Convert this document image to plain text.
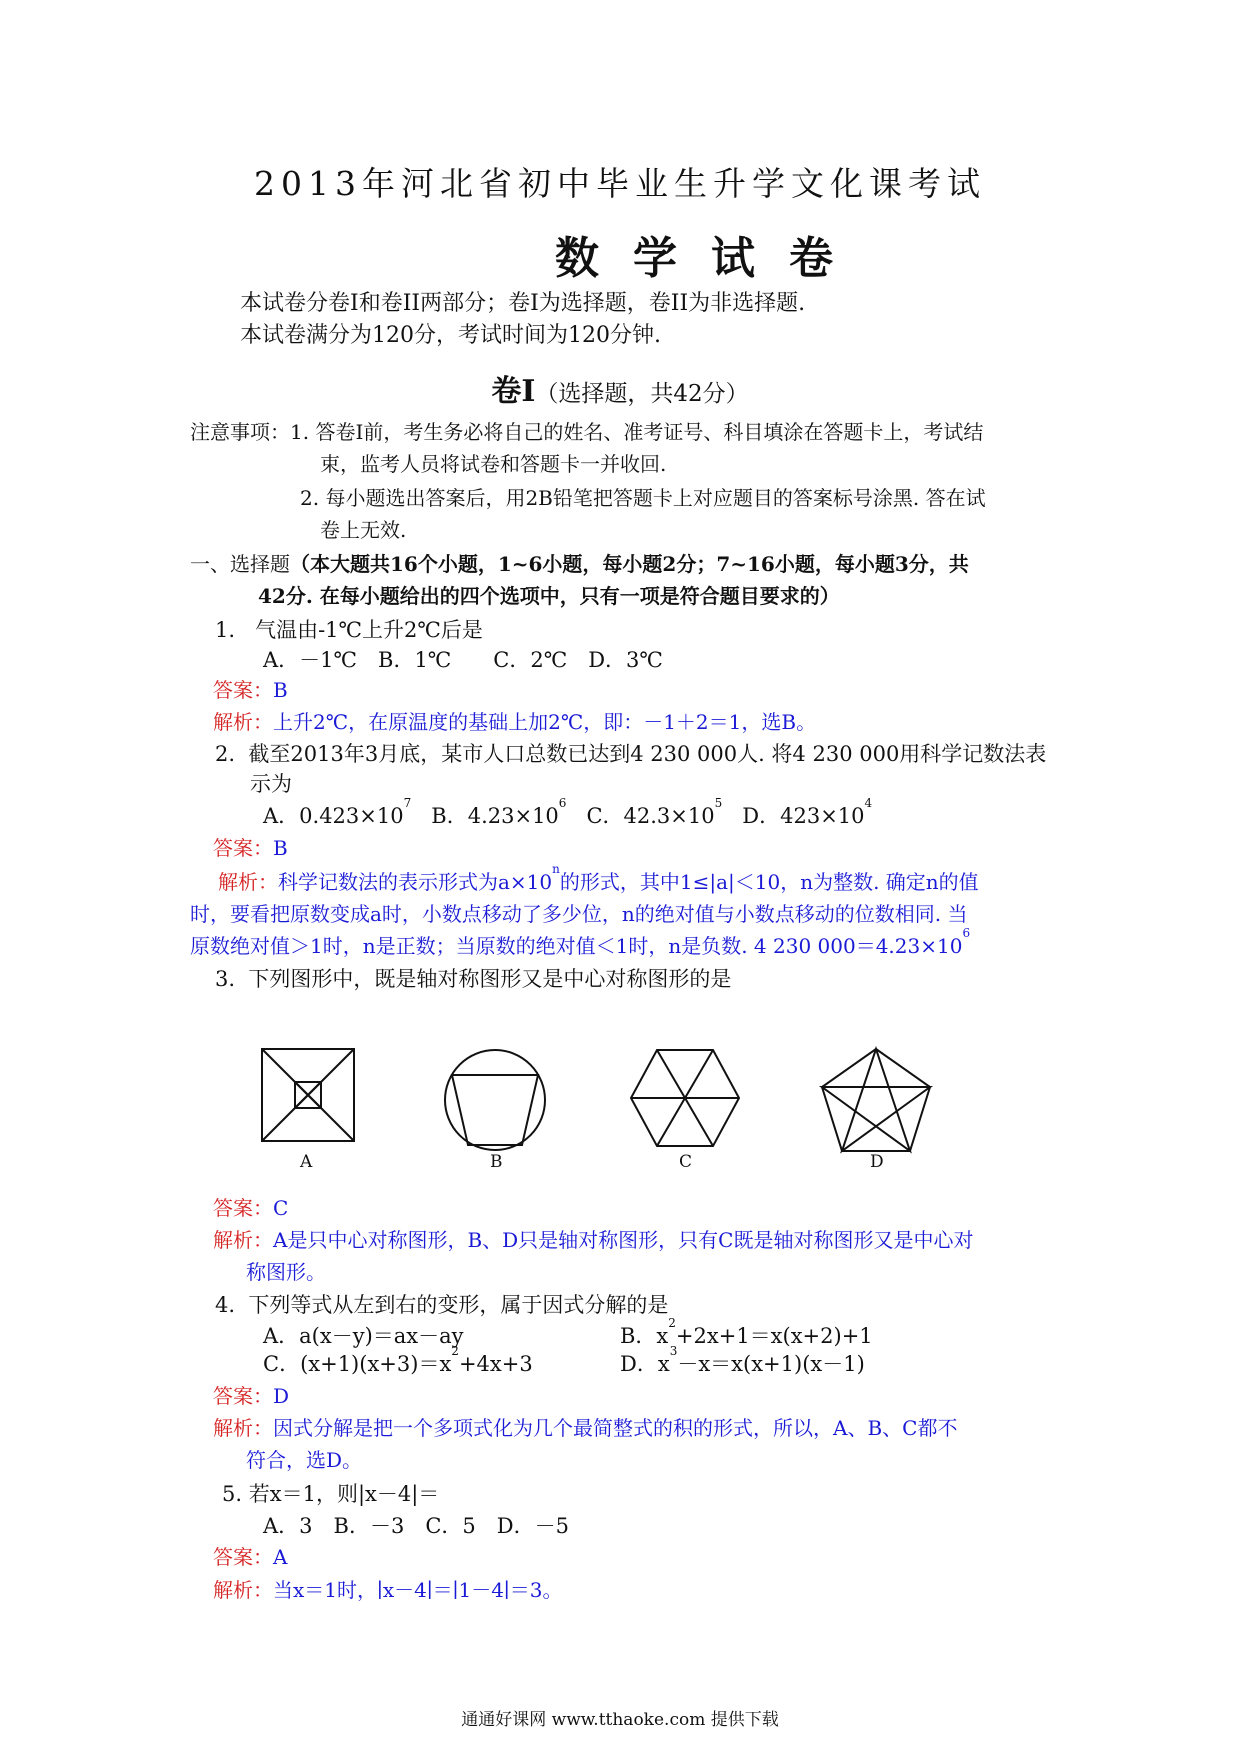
2013年河北省初中毕业生升学文化课考试
数学试卷
本试卷分卷I和卷II两部分；卷I为选择题，卷II为非选择题.
本试卷满分为120分，考试时间为120分钟.
卷I（选择题，共42分）
注意事项： 1. 答卷I前，考生务必将自己的姓名、准考证号、科目填涂在答题卡上，考试结
束，监考人员将试卷和答题卡一并收回.
2. 每小题选出答案后，用2B铅笔把答题卡上对应题目的答案标号涂黑. 答在试
卷上无效.
一、选择题（本大题共16个小题，1~6小题，每小题2分；7~16小题，每小题3分，共
42分. 在每小题给出的四个选项中，只有一项是符合题目要求的）
1. 气温由-1℃上升2℃后是
A．－1℃　B．1℃　　C．2℃　D．3℃
答案：B
解析：上升2℃，在原温度的基础上加2℃，即：－1＋2＝1，选B。
2. 截至2013年3月底，某市人口总数已达到4 230 000人. 将4 230 000用科学记数法表
示为
A．$0.423\times 10^7$   B．$4.23\times 10^6$   C．$42.3\times 10^5$   D．$423\times 10^4$
答案：B
解析：科学记数法的表示形式为$a\times 10^n$的形式，其中1≤|a|＜10，n为整数. 确定n的值
时，要看把原数变成a时，小数点移动了多少位，n的绝对值与小数点移动的位数相同. 当
原数绝对值＞1时，n是正数；当原数的绝对值＜1时，n是负数. 4 230 $000=4.23\times 10^6$
3. 下列图形中，既是轴对称图形又是中心对称图形的是
A	B	C	D
答案：C
解析：A是只中心对称图形，B、D只是轴对称图形，只有C既是轴对称图形又是中心对
称图形。
4. 下列等式从左到右的变形，属于因式分解的是
A．a(x－y)＝ax－ay	B．$x^2+2x+1=x(x+2)+1$
C．$(x+1)(x+3)=x^2+4x+3$	D．$x^3-x=x(x+1)(x-1)$
答案：D
解析：因式分解是把一个多项式化为几个最简整式的积的形式，所以，A、B、C都不
符合，选D。
5. 若x＝1，则|x－4|＝
A．3　B．－3　C．5　D．－5
答案：A
解析：当x＝1时，∣x－4∣＝∣1－4∣＝3。
通通好课网 www.tthaoke.com 提供下载
